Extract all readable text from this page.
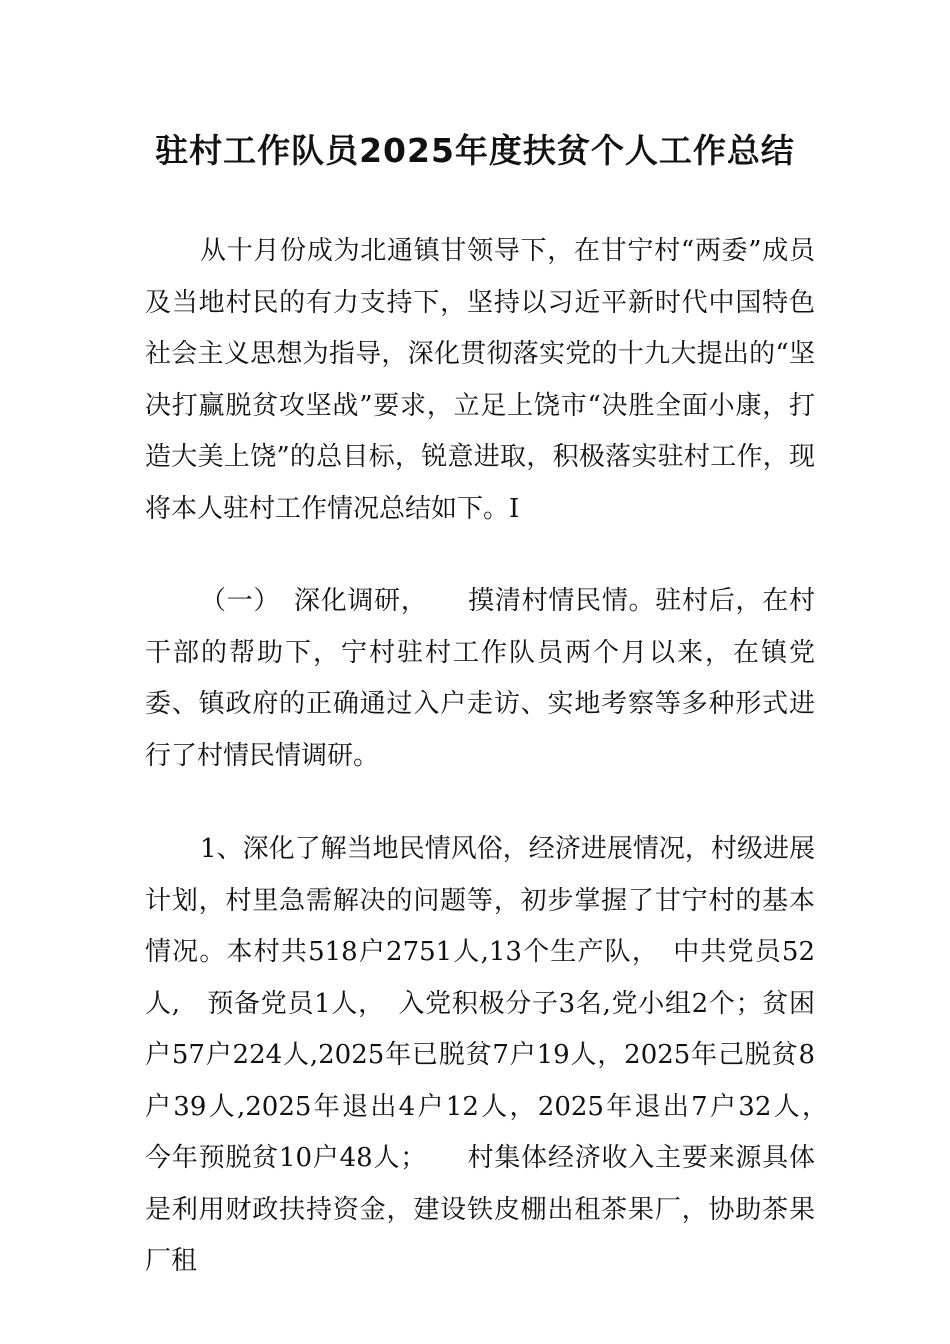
驻村工作队员2025年度扶贫个人工作总结

从十月份成为北通镇甘领导下，在甘宁村“两委”成员及当地村民的有力支持下，坚持以习近平新时代中国特色社会主义思想为指导，深化贯彻落实党的十九大提出的“坚决打赢脱贫攻坚战”要求，立足上饶市“决胜全面小康，打造大美上饶”的总目标，锐意进取，积极落实驻村工作，现将本人驻村工作情况总结如下。I

（一）　深化调研，　　摸清村情民情。驻村后，在村干部的帮助下，宁村驻村工作队员两个月以来，在镇党委、镇政府的正确通过入户走访、实地考察等多种形式进行了村情民情调研。

1、深化了解当地民情风俗，经济进展情况，村级进展计划，村里急需解决的问题等，初步掌握了甘宁村的基本情况。本村共518户2751人,13个生产队，　中共党员52人,　预备党员1人，　入党积极分子3名,党小组2个；贫困户57户224人,2025年已脱贫7户19人，2025年己脱贫8户39人,2025年退出4户12人，2025年退出7户32人，　今年预脱贫10户48人；　　村集体经济收入主要来源具体是利用财政扶持资金，建设铁皮棚出租茶果厂，协助茶果厂租
